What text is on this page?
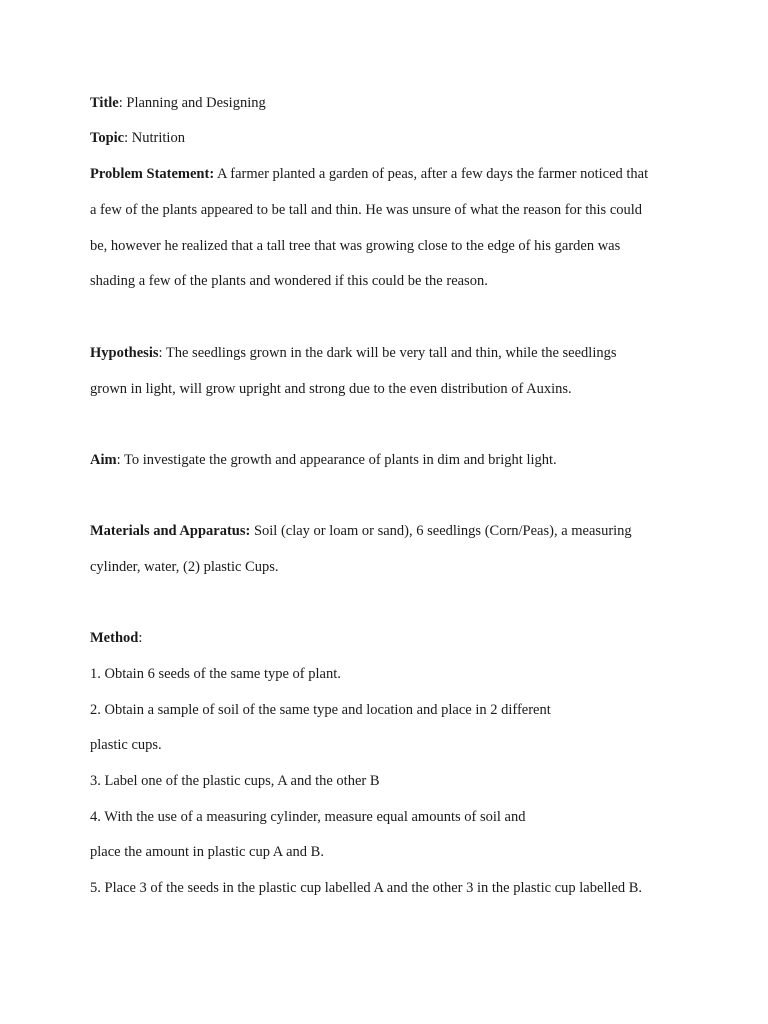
Title: Planning and Designing

Topic: Nutrition

Problem Statement: A farmer planted a garden of peas, after a few days the farmer noticed that

a few of the plants appeared to be tall and thin. He was unsure of what the reason for this could

be, however he realized that a tall tree that was growing close to the edge of his garden was

shading a few of the plants and wondered if this could be the reason.

Hypothesis: The seedlings grown in the dark will be very tall and thin, while the seedlings

grown in light, will grow upright and strong due to the even distribution of Auxins.

Aim: To investigate the growth and appearance of plants in dim and bright light.

Materials and Apparatus: Soil (clay or loam or sand), 6 seedlings (Corn/Peas), a measuring

cylinder, water, (2) plastic Cups.

Method:

1. Obtain 6 seeds of the same type of plant.

2. Obtain a sample of soil of the same type and location and place in 2 different

plastic cups.

3. Label one of the plastic cups, A and the other B

4. With the use of a measuring cylinder, measure equal amounts of soil and

place the amount in plastic cup A and B.

5. Place 3 of the seeds in the plastic cup labelled A and the other 3 in the plastic cup labelled B.
